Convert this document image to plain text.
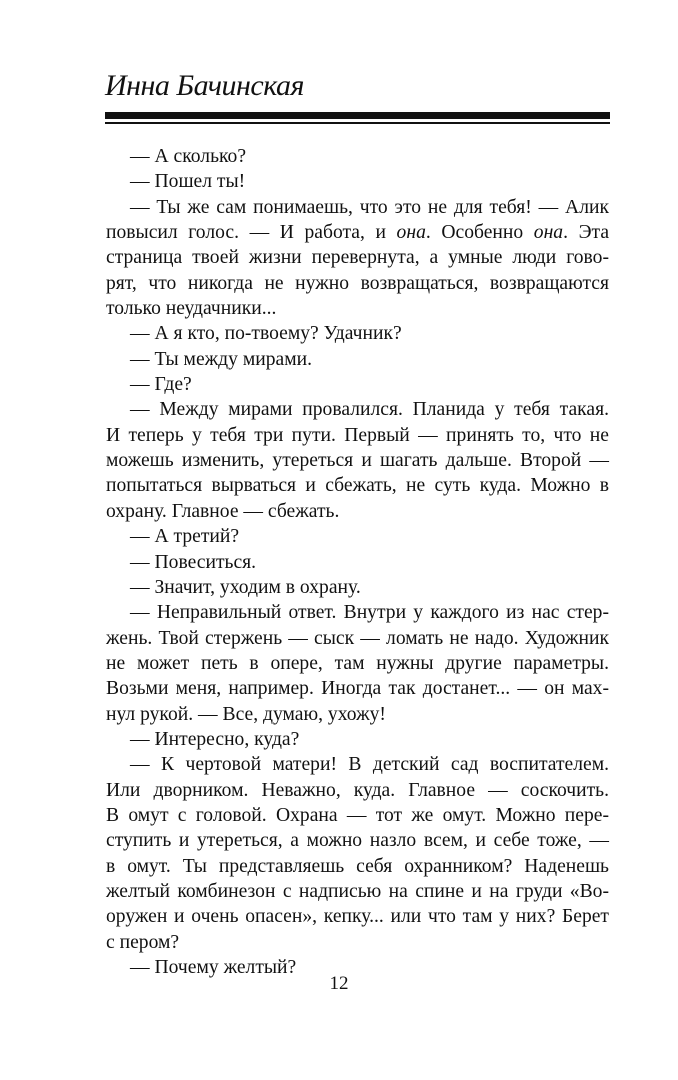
Инна Бачинская
— А сколько?
— Пошел ты!
— Ты же сам понимаешь, что это не для тебя! — Алик
повысил голос. — И работа, и она. Особенно она. Эта
страница твоей жизни перевернута, а умные люди гово-
рят, что никогда не нужно возвращаться, возвращаются
только неудачники...
— А я кто, по-твоему? Удачник?
— Ты между мирами.
— Где?
— Между мирами провалился. Планида у тебя такая.
И теперь у тебя три пути. Первый — принять то, что не
можешь изменить, утереться и шагать дальше. Второй —
попытаться вырваться и сбежать, не суть куда. Можно в
охрану. Главное — сбежать.
— А третий?
— Повеситься.
— Значит, уходим в охрану.
— Неправильный ответ. Внутри у каждого из нас стер-
жень. Твой стержень — сыск — ломать не надо. Художник
не может петь в опере, там нужны другие параметры.
Возьми меня, например. Иногда так достанет... — он мах-
нул рукой. — Все, думаю, ухожу!
— Интересно, куда?
— К чертовой матери! В детский сад воспитателем.
Или дворником. Неважно, куда. Главное — соскочить.
В омут с головой. Охрана — тот же омут. Можно пере-
ступить и утереться, а можно назло всем, и себе тоже, —
в омут. Ты представляешь себя охранником? Наденешь
желтый комбинезон с надписью на спине и на груди «Во-
оружен и очень опасен», кепку... или что там у них? Берет
с пером?
— Почему желтый?
12
